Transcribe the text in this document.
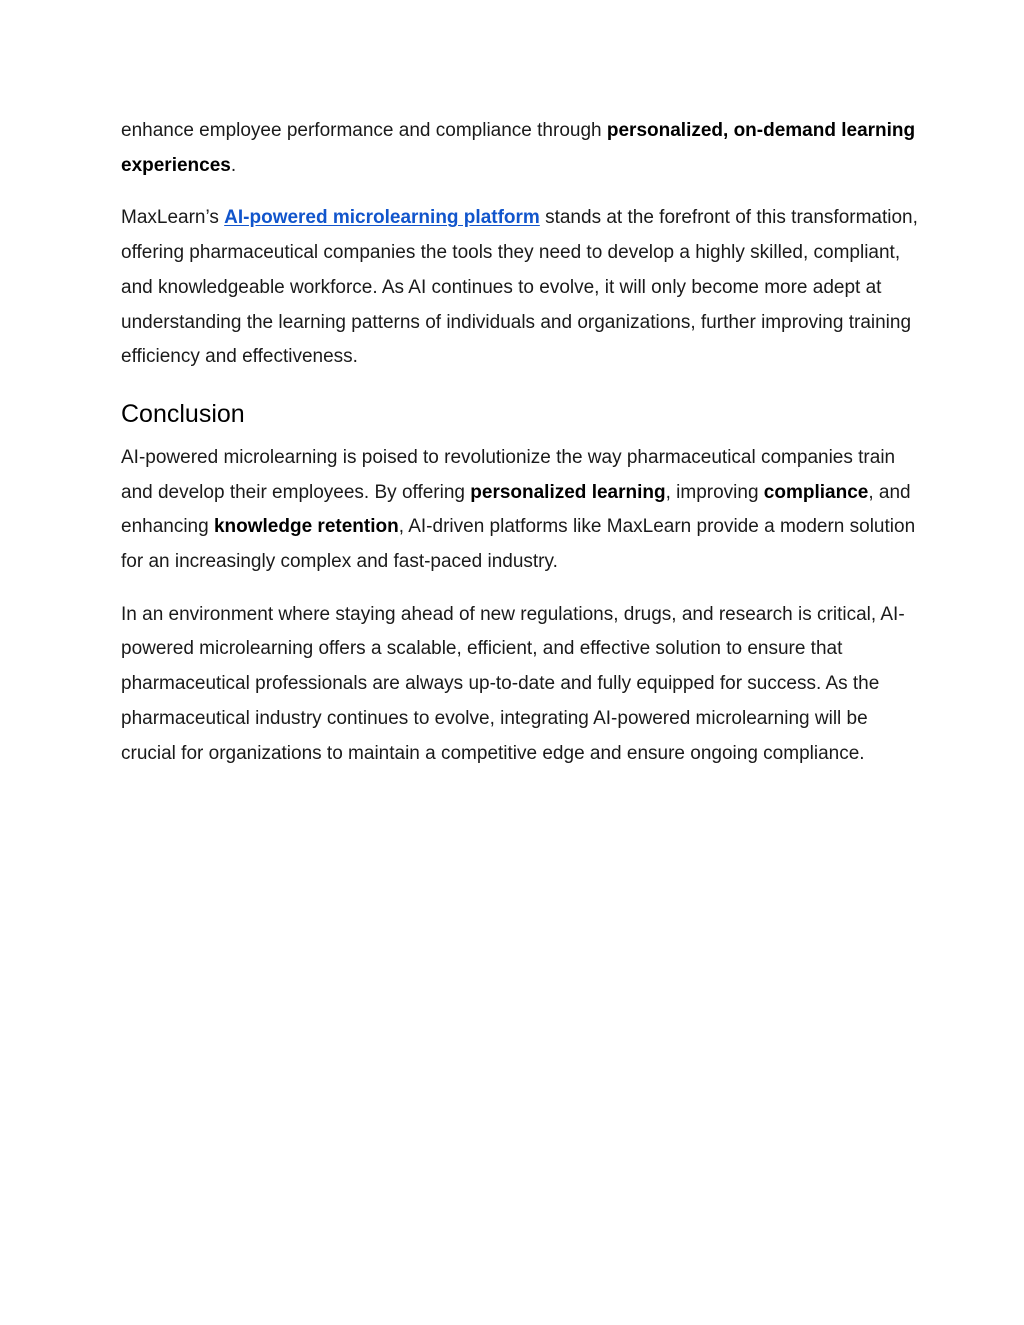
enhance employee performance and compliance through personalized, on-demand learning experiences.

MaxLearn’s AI-powered microlearning platform stands at the forefront of this transformation, offering pharmaceutical companies the tools they need to develop a highly skilled, compliant, and knowledgeable workforce. As AI continues to evolve, it will only become more adept at understanding the learning patterns of individuals and organizations, further improving training efficiency and effectiveness.

Conclusion

AI-powered microlearning is poised to revolutionize the way pharmaceutical companies train and develop their employees. By offering personalized learning, improving compliance, and enhancing knowledge retention, AI-driven platforms like MaxLearn provide a modern solution for an increasingly complex and fast-paced industry.

In an environment where staying ahead of new regulations, drugs, and research is critical, AI-powered microlearning offers a scalable, efficient, and effective solution to ensure that pharmaceutical professionals are always up-to-date and fully equipped for success. As the pharmaceutical industry continues to evolve, integrating AI-powered microlearning will be crucial for organizations to maintain a competitive edge and ensure ongoing compliance.
